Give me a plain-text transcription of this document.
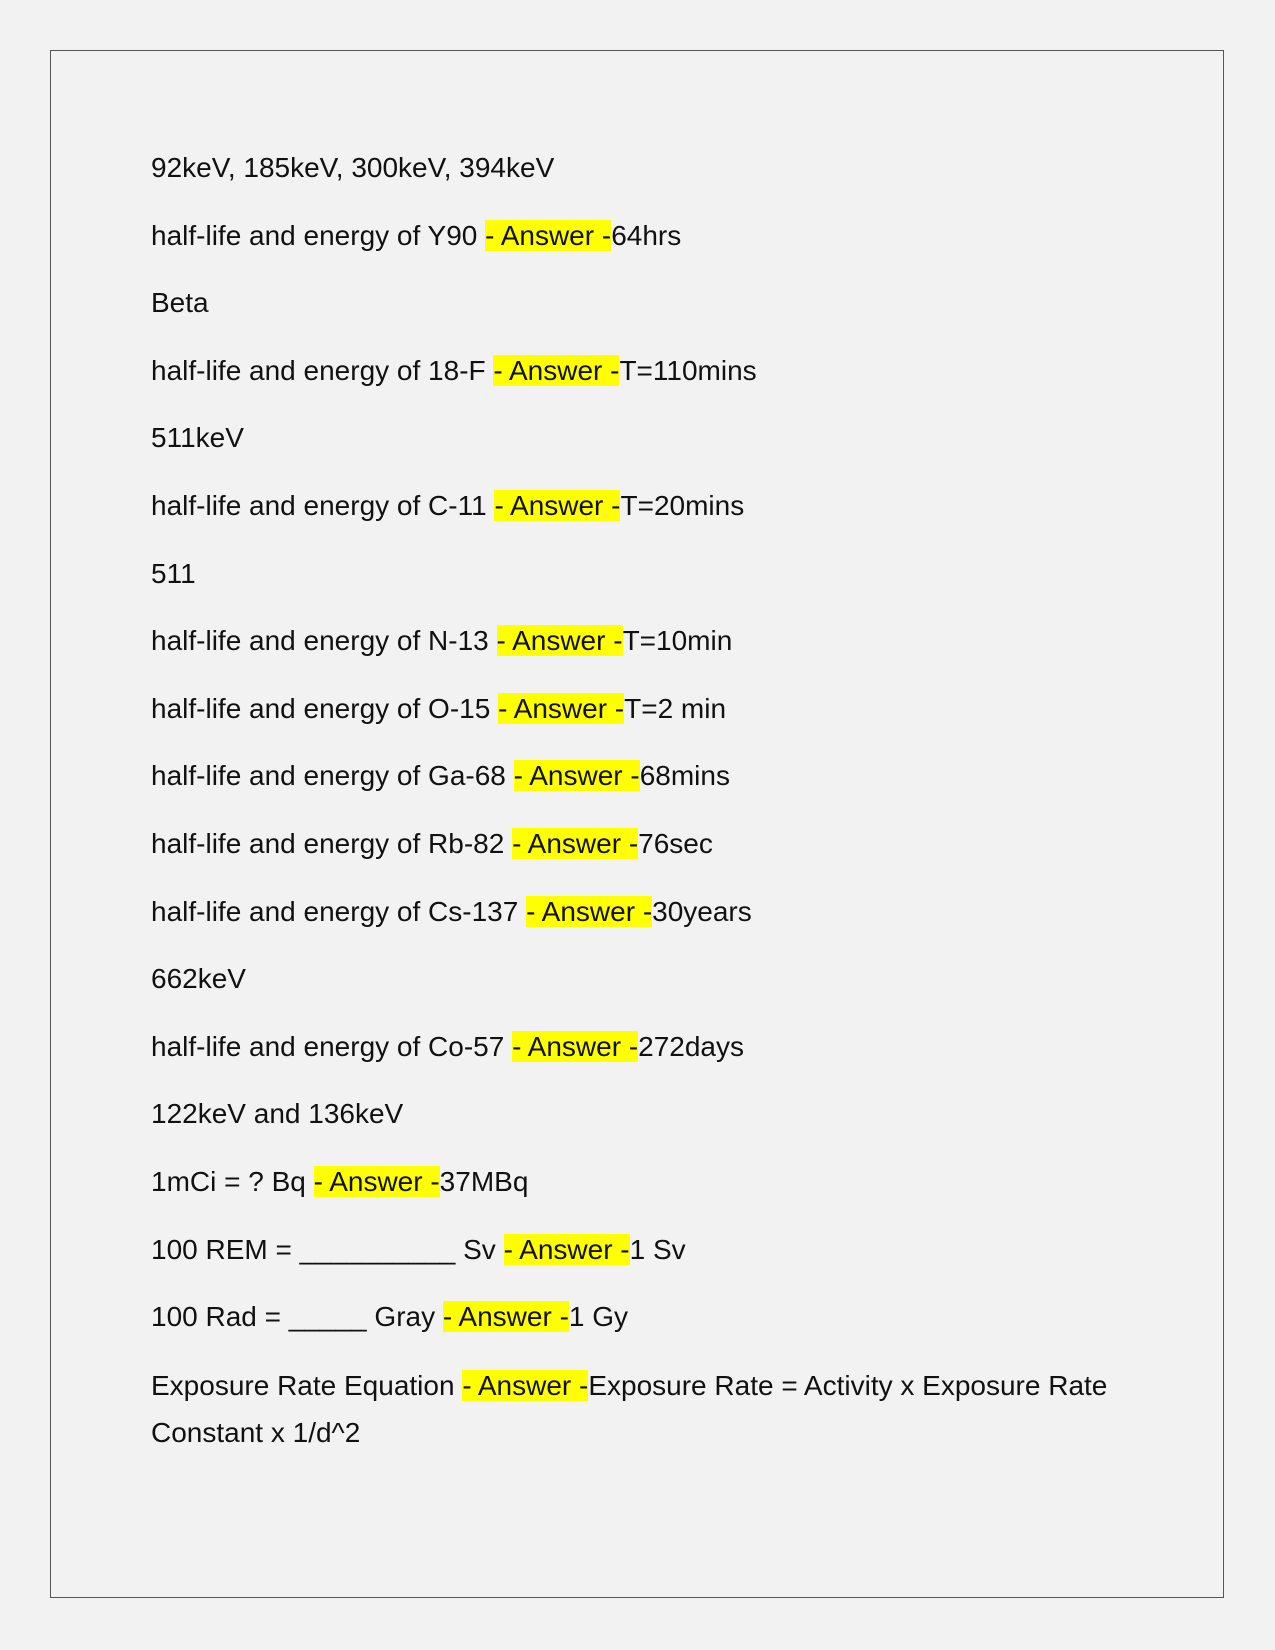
92keV, 185keV, 300keV, 394keV
half-life and energy of Y90 - Answer -64hrs
Beta
half-life and energy of 18-F - Answer -T=110mins
511keV
half-life and energy of C-11 - Answer -T=20mins
511
half-life and energy of N-13 - Answer -T=10min
half-life and energy of O-15 - Answer -T=2 min
half-life and energy of Ga-68 - Answer -68mins
half-life and energy of Rb-82 - Answer -76sec
half-life and energy of Cs-137 - Answer -30years
662keV
half-life and energy of Co-57 - Answer -272days
122keV and 136keV
1mCi = ? Bq - Answer -37MBq
100 REM = __________ Sv - Answer -1 Sv
100 Rad = _____ Gray - Answer -1 Gy
Exposure Rate Equation - Answer -Exposure Rate = Activity x Exposure Rate Constant x 1/d^2
